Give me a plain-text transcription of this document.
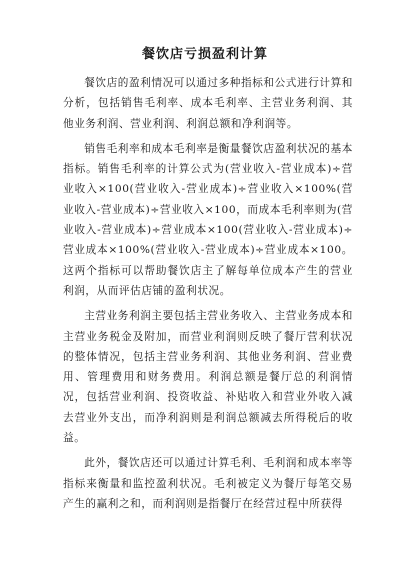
餐饮店亏损盈利计算

餐饮店的盈利情况可以通过多种指标和公式进行计算和分析，包括销售毛利率、成本毛利率、主营业务利润、其他业务利润、营业利润、利润总额和净利润等。

销售毛利率和成本毛利率是衡量餐饮店盈利状况的基本指标。销售毛利率的计算公式为(营业收入-营业成本)÷营业收入×100(营业收入-营业成本)÷营业收入×100%(营业收入-营业成本)÷营业收入×100，而成本毛利率则为(营业收入-营业成本)÷营业成本×100(营业收入-营业成本)÷营业成本×100%(营业收入-营业成本)÷营业成本×100。这两个指标可以帮助餐饮店主了解每单位成本产生的营业利润，从而评估店铺的盈利状况。

主营业务利润主要包括主营业务收入、主营业务成本和主营业务税金及附加，而营业利润则反映了餐厅营利状况的整体情况，包括主营业务利润、其他业务利润、营业费用、管理费用和财务费用。利润总额是餐厅总的利润情况，包括营业利润、投资收益、补贴收入和营业外收入减去营业外支出，而净利润则是利润总额减去所得税后的收益。

此外，餐饮店还可以通过计算毛利、毛利润和成本率等指标来衡量和监控盈利状况。毛利被定义为餐厅每笔交易产生的赢利之和，而利润则是指餐厅在经营过程中所获得
